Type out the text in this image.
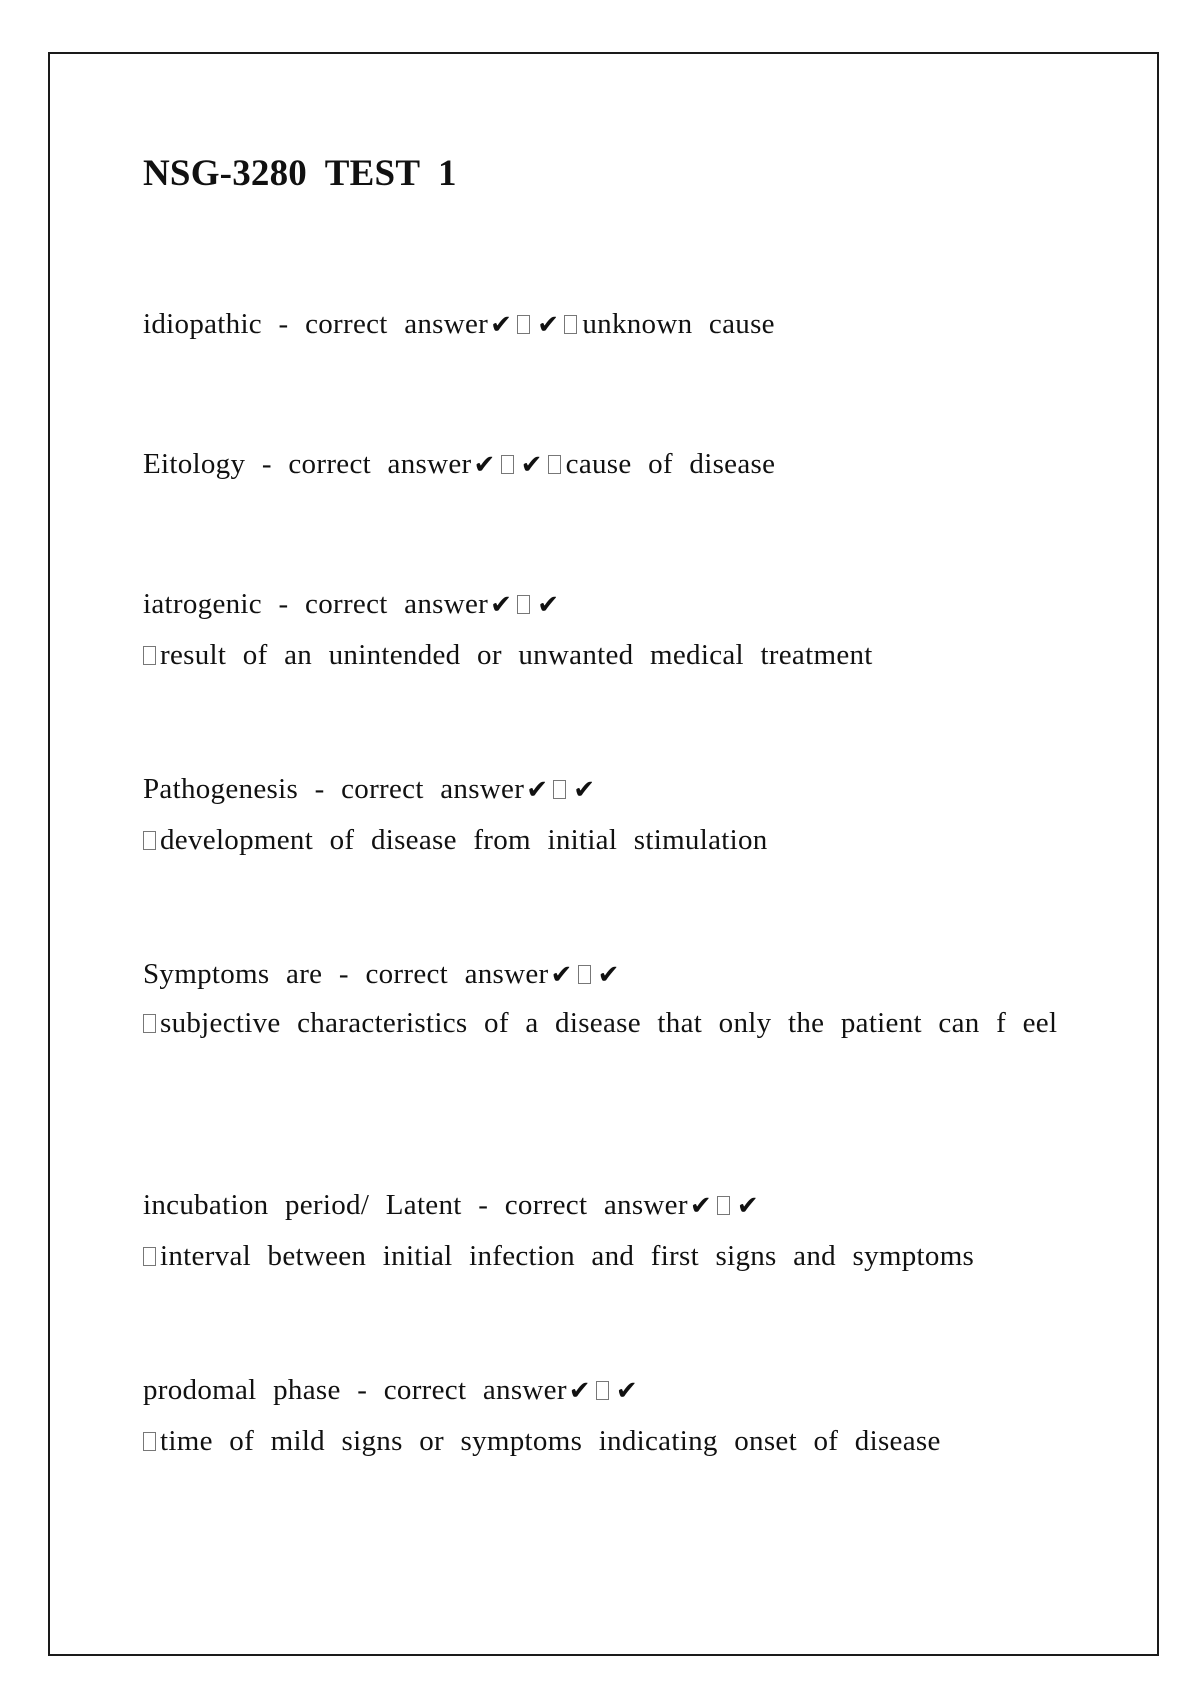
NSG-3280 TEST 1
idiopathic - correct answer✔ ✔ unknown cause
Eitology - correct answer✔ ✔ cause of disease
iatrogenic - correct answer✔ ✔
result of an unintended or unwanted medical treatment
Pathogenesis - correct answer✔ ✔
development of disease from initial stimulation
Symptoms are - correct answer✔ ✔
subjective characteristics of a disease that only the patient can f eel
incubation period/ Latent - correct answer✔ ✔
interval between initial infection and first signs and symptoms
prodomal phase - correct answer✔ ✔
time of mild signs or symptoms indicating onset of disease
